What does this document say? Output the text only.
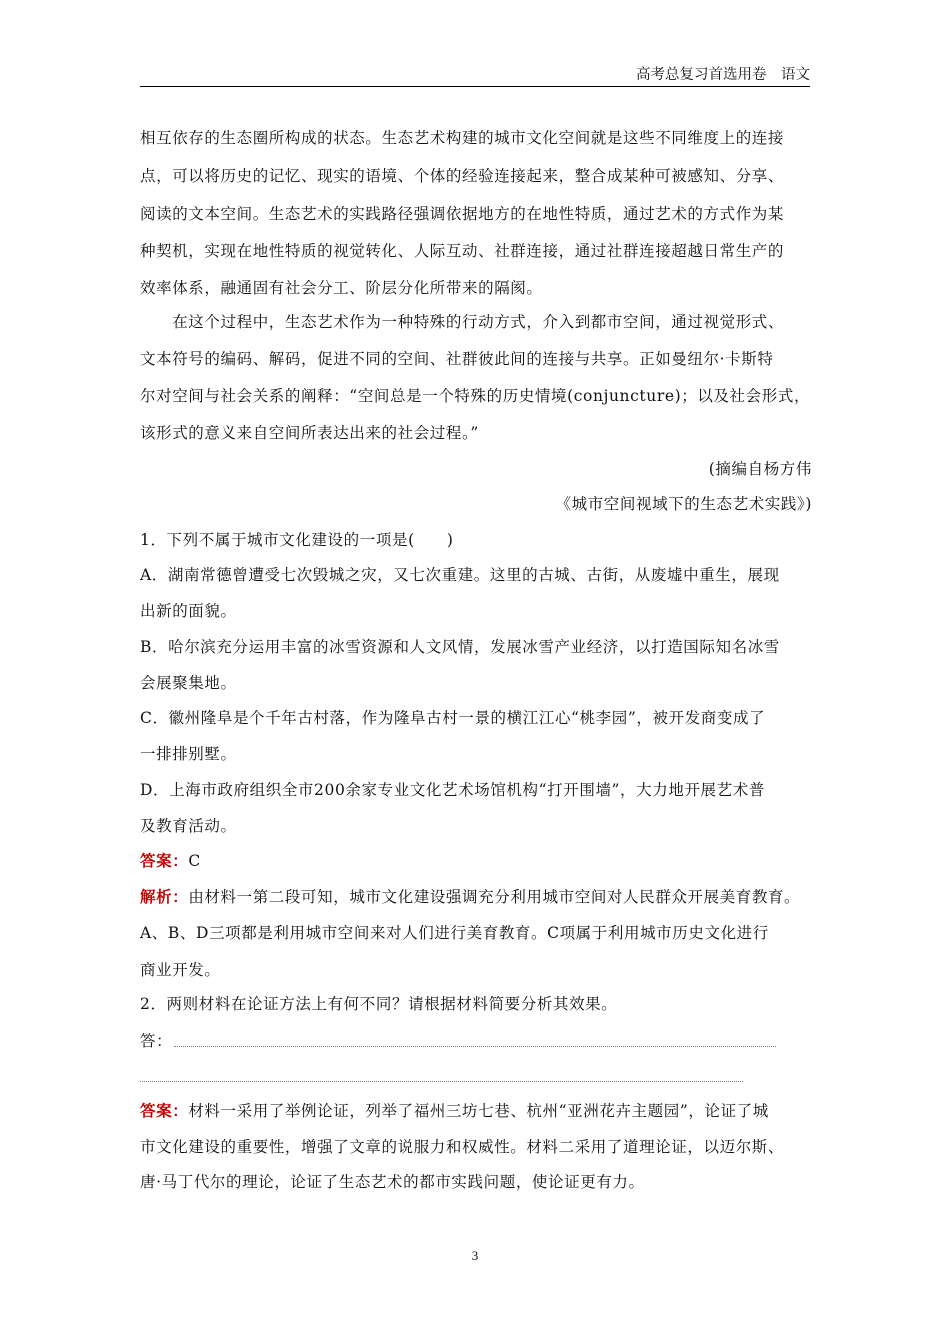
高考总复习首选用卷　语文
相互依存的生态圈所构成的状态。生态艺术构建的城市文化空间就是这些不同维度上的连接
点，可以将历史的记忆、现实的语境、个体的经验连接起来，整合成某种可被感知、分享、
阅读的文本空间。生态艺术的实践路径强调依据地方的在地性特质，通过艺术的方式作为某
种契机，实现在地性特质的视觉转化、人际互动、社群连接，通过社群连接超越日常生产的
效率体系，融通固有社会分工、阶层分化所带来的隔阂。
　　在这个过程中，生态艺术作为一种特殊的行动方式，介入到都市空间，通过视觉形式、
文本符号的编码、解码，促进不同的空间、社群彼此间的连接与共享。正如曼纽尔·卡斯特
尔对空间与社会关系的阐释：“空间总是一个特殊的历史情境(conjuncture)；以及社会形式，
该形式的意义来自空间所表达出来的社会过程。”
(摘编自杨方伟
《城市空间视域下的生态艺术实践》)
1．下列不属于城市文化建设的一项是(　　)
A．湖南常德曾遭受七次毁城之灾，又七次重建。这里的古城、古街，从废墟中重生，展现
出新的面貌。
B．哈尔滨充分运用丰富的冰雪资源和人文风情，发展冰雪产业经济，以打造国际知名冰雪
会展聚集地。
C．徽州隆阜是个千年古村落，作为隆阜古村一景的横江江心“桃李园”，被开发商变成了
一排排别墅。
D．上海市政府组织全市200余家专业文化艺术场馆机构“打开围墙”，大力地开展艺术普
及教育活动。
答案：C
解析：由材料一第二段可知，城市文化建设强调充分利用城市空间对人民群众开展美育教育。
A、B、D三项都是利用城市空间来对人们进行美育教育。C项属于利用城市历史文化进行
商业开发。
2．两则材料在论证方法上有何不同？请根据材料简要分析其效果。
答：
答案：材料一采用了举例论证，列举了福州三坊七巷、杭州“亚洲花卉主题园”，论证了城
市文化建设的重要性，增强了文章的说服力和权威性。材料二采用了道理论证，以迈尔斯、
唐·马丁代尔的理论，论证了生态艺术的都市实践问题，使论证更有力。
3
